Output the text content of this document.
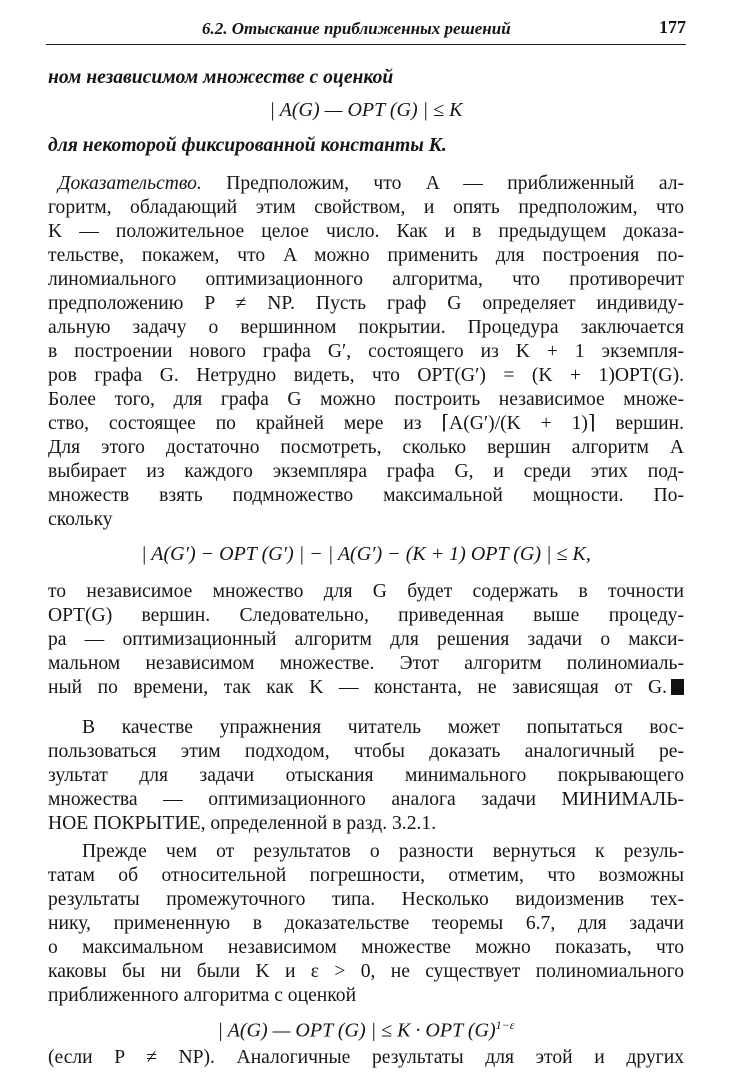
6.2. Отыскание приближенных решений	177
ном независимом множестве с оценкой
| A(G) — OPT (G) | ≤ K
для некоторой фиксированной константы K.
Доказательство. Предположим, что A — приближенный ал-
горитм, обладающий этим свойством, и опять предположим, что
K — положительное целое число. Как и в предыдущем доказа-
тельстве, покажем, что A можно применить для построения по-
линомиального оптимизационного алгоритма, что противоречит
предположению P ≠ NP. Пусть граф G определяет индивиду-
альную задачу о вершинном покрытии. Процедура заключается
в построении нового графа G′, состоящего из K + 1 экземпля-
ров графа G. Нетрудно видеть, что OPT(G′) = (K + 1)OPT(G).
Более того, для графа G можно построить независимое множе-
ство, состоящее по крайней мере из ⌈A(G′)/(K + 1)⌉ вершин.
Для этого достаточно посмотреть, сколько вершин алгоритм A
выбирает из каждого экземпляра графа G, и среди этих под-
множеств взять подмножество максимальной мощности. По-
скольку
| A(G′) − OPT (G′) | − | A(G′) − (K + 1) OPT (G) | ≤ K,
то независимое множество для G будет содержать в точности
OPT(G) вершин. Следовательно, приведенная выше процеду-
ра — оптимизационный алгоритм для решения задачи о макси-
мальном независимом множестве. Этот алгоритм полиномиаль-
ный по времени, так как K — константа, не зависящая от G.
В качестве упражнения читатель может попытаться вос-
пользоваться этим подходом, чтобы доказать аналогичный ре-
зультат для задачи отыскания минимального покрывающего
множества — оптимизационного аналога задачи МИНИМАЛЬ-
НОЕ ПОКРЫТИЕ, определенной в разд. 3.2.1.
Прежде чем от результатов о разности вернуться к резуль-
татам об относительной погрешности, отметим, что возможны
результаты промежуточного типа. Несколько видоизменив тех-
нику, примененную в доказательстве теоремы 6.7, для задачи
о максимальном независимом множестве можно показать, что
каковы бы ни были K и ε > 0, не существует полиномиального
приближенного алгоритма с оценкой
| A(G) — OPT (G) | ≤ K · OPT $(G)^{1-\varepsilon}$
(если P ≠ NP). Аналогичные результаты для этой и других
